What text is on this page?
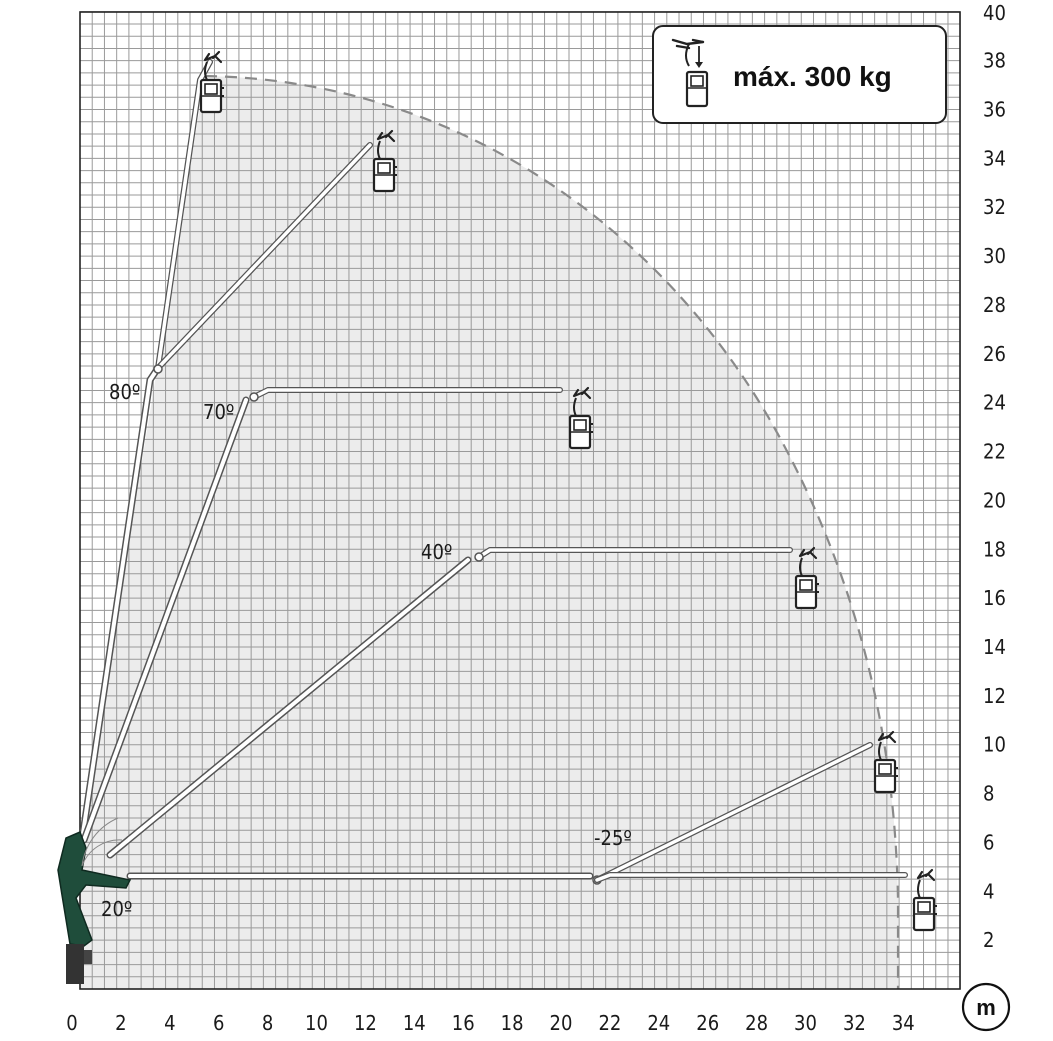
80º
70º
40º
20º
-25º
0 2 4 6 8 10 12 14 16 18 20 22 24 26 28 30 32 34
2
4
6
8
10
12
14
16
18
20
22
24
26
28
30
32
34
36
38
40
máx. 300 kg
m
